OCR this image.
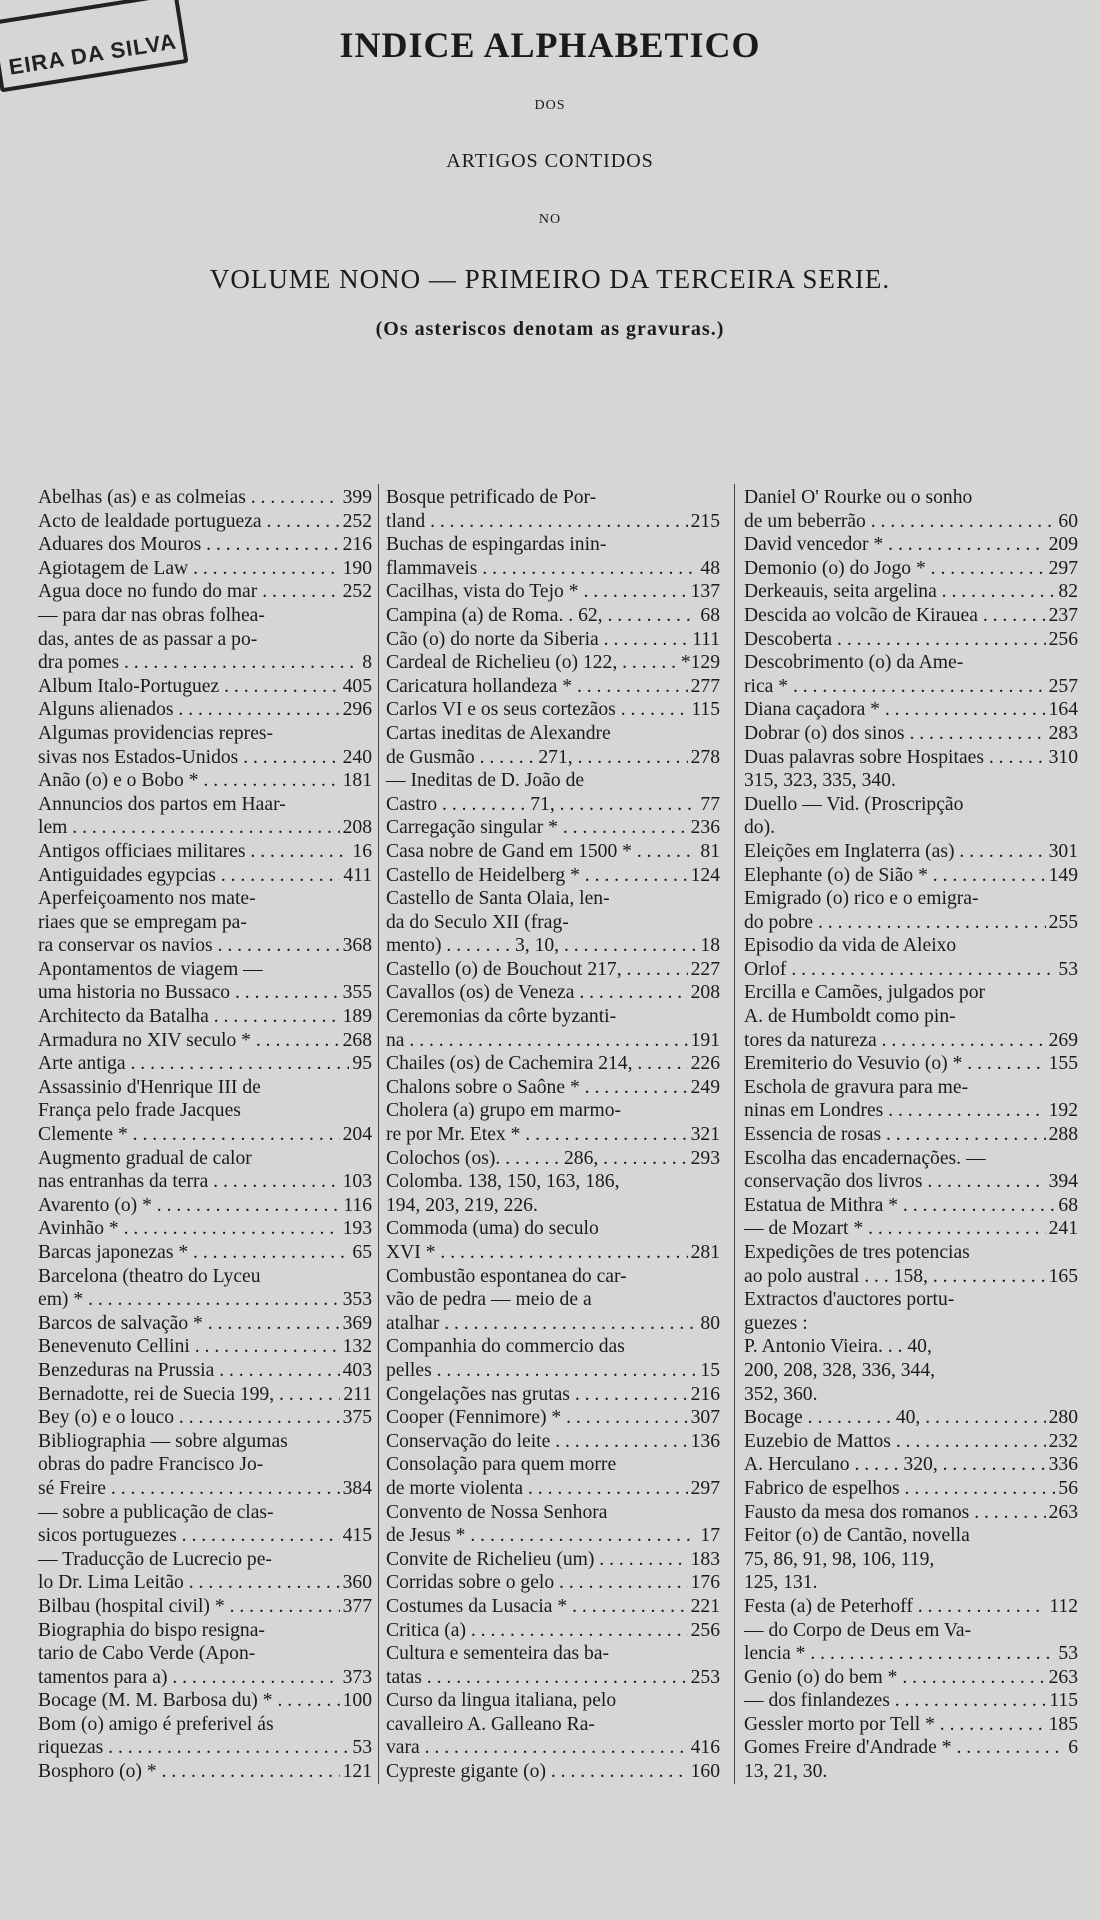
EIRA DA SILVA	INDICE ALPHABETICO
DOS
ARTIGOS CONTIDOS
NO
VOLUME NONO — PRIMEIRO DA TERCEIRA SERIE.
(Os asteriscos denotam as gravuras.)
Abelhas (as) e as colmeias . . .	399
Acto de lealdade portugueza . . .	252
Aduares dos Mouros . . .	216
Agiotagem de Law . . .	190
Agua doce no fundo do mar . . .	252
— para dar nas obras folhea-
das, antes de as passar a po-
dra pomes . . .	8
Album Italo-Portuguez . . .	405
Alguns alienados . . .	296
Algumas providencias repres-
sivas nos Estados-Unidos . . .	240
Anão (o) e o Bobo * . . .	181
Annuncios dos partos em Haar-
lem . . .	208
Antigos officiaes militares . . .	16
Antiguidades egypcias . . .	411
Aperfeiçoamento nos mate-
riaes que se empregam pa-
ra conservar os navios . . .	368
Apontamentos de viagem —
uma historia no Bussaco . . .	355
Architecto da Batalha . . .	189
Armadura no XIV seculo * . . .	268
Arte antiga . . .	95
Assassinio d'Henrique III de
França pelo frade Jacques
Clemente * . . .	204
Augmento gradual de calor
nas entranhas da terra . . .	103
Avarento (o) * . . .	116
Avinhão * . . .	193
Barcas japonezas * . . .	65
Barcelona (theatro do Lyceu
em) * . . .	353
Barcos de salvação * . . .	369
Benevenuto Cellini . . .	132
Benzeduras na Prussia . . .	403
Bernadotte, rei de Suecia 199, . . .	211
Bey (o) e o louco . . .	375
Bibliographia — sobre algumas
obras do padre Francisco Jo-
sé Freire . . .	384
— sobre a publicação de clas-
sicos portuguezes . . .	415
— Traducção de Lucrecio pe-
lo Dr. Lima Leitão . . .	360
Bilbau (hospital civil) * . . .	377
Biographia do bispo resigna-
tario de Cabo Verde (Apon-
tamentos para a) . . .	373
Bocage (M. M. Barbosa du) * . . .	100
Bom (o) amigo é preferivel ás
riquezas . . .	53
Bosphoro (o) * . . .	121
Bosque petrificado de Por-
tland . . .	215
Buchas de espingardas inin-
flammaveis . . .	48
Cacilhas, vista do Tejo * . . .	137
Campina (a) de Roma. . 62, . . .	68
Cão (o) do norte da Siberia . . .	111
Cardeal de Richelieu (o) 122, . . .	*129
Caricatura hollandeza * . . .	277
Carlos VI e os seus cortezãos . . .	115
Cartas ineditas de Alexandre
de Gusmão . . . . . . 271, . . .	278
— Ineditas de D. João de
Castro . . . . . . . . . 71, . . .	77
Carregação singular * . . .	236
Casa nobre de Gand em 1500 * . . .	81
Castello de Heidelberg * . . .	124
Castello de Santa Olaia, len-
da do Seculo XII (frag-
mento) . . . . . . . 3, 10, . . .	18
Castello (o) de Bouchout 217, . . .	227
Cavallos (os) de Veneza . . .	208
Ceremonias da côrte byzanti-
na . . .	191
Chailes (os) de Cachemira 214, . . .	226
Chalons sobre o Saône * . . .	249
Cholera (a) grupo em marmo-
re por Mr. Etex * . . .	321
Colochos (os). . . . . . . 286, . . .	293
Colomba. 138, 150, 163, 186,
194, 203, 219, 226.
Commoda (uma) do seculo
XVI * . . .	281
Combustão espontanea do car-
vão de pedra — meio de a
atalhar . . .	80
Companhia do commercio das
pelles . . .	15
Congelações nas grutas . . .	216
Cooper (Fennimore) * . . .	307
Conservação do leite . . .	136
Consolação para quem morre
de morte violenta . . .	297
Convento de Nossa Senhora
de Jesus * . . .	17
Convite de Richelieu (um) . . .	183
Corridas sobre o gelo . . .	176
Costumes da Lusacia * . . .	221
Critica (a) . . .	256
Cultura e sementeira das ba-
tatas . . .	253
Curso da lingua italiana, pelo
cavalleiro A. Galleano Ra-
vara . . .	416
Cypreste gigante (o) . . .	160
Daniel O' Rourke ou o sonho
de um beberrão . . .	60
David vencedor * . . .	209
Demonio (o) do Jogo * . . .	297
Derkeauis, seita argelina . . .	82
Descida ao volcão de Kirauea . . .	237
Descoberta . . .	256
Descobrimento (o) da Ame-
rica * . . .	257
Diana caçadora * . . .	164
Dobrar (o) dos sinos . . .	283
Duas palavras sobre Hospitaes . . .	310
315, 323, 335, 340.
Duello — Vid. (Proscripção
do).
Eleições em Inglaterra (as) . . .	301
Elephante (o) de Sião * . . .	149
Emigrado (o) rico e o emigra-
do pobre . . .	255
Episodio da vida de Aleixo
Orlof . . .	53
Ercilla e Camões, julgados por
A. de Humboldt como pin-
tores da natureza . . .	269
Eremiterio do Vesuvio (o) * . . .	155
Eschola de gravura para me-
ninas em Londres . . .	192
Essencia de rosas . . .	288
Escolha das encadernações. —
conservação dos livros . . .	394
Estatua de Mithra * . . .	68
— de Mozart * . . .	241
Expedições de tres potencias
ao polo austral . . . 158, . . .	165
Extractos d'auctores portu-
guezes :
P. Antonio Vieira. . . 40,
200, 208, 328, 336, 344,
352, 360.
Bocage . . . . . . . . . 40, . . .	280
Euzebio de Mattos . . .	232
A. Herculano . . . . . 320, . . .	336
Fabrico de espelhos . . .	56
Fausto da mesa dos romanos . . .	263
Feitor (o) de Cantão, novella
75, 86, 91, 98, 106, 119,
125, 131.
Festa (a) de Peterhoff . . .	112
— do Corpo de Deus em Va-
lencia * . . .	53
Genio (o) do bem * . . .	263
— dos finlandezes . . .	115
Gessler morto por Tell * . . .	185
Gomes Freire d'Andrade * . . .	6
13, 21, 30.
